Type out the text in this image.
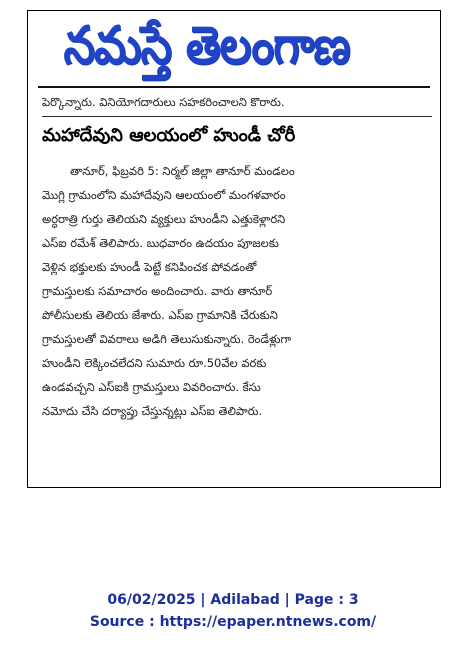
నమస్తే తెలంగాణ
పెర్కొన్నారు. వినియోగదారులు సహకరించాలని కొరారు.
మహాదేవుని ఆలయంలో హుండీ చోరీ
తానూర్, ఫిబ్రవరి 5: నిర్మల్ జిల్లా తానూర్ మండలం
మొగ్లి గ్రామంలోని మహాదేవుని ఆలయంలో మంగళవారం
అర్ధరాత్రి గుర్తు తెలియని వ్యక్తులు హుండీని ఎత్తుకెళ్లారని
ఎస్ఐ రమేశ్ తెలిపారు. బుధవారం ఉదయం పూజలకు
వెళ్లిన భక్తులకు హుండీ పెట్టే కనిపించక పోవడంతో
గ్రామస్తులకు సమాచారం అందించారు. వారు తానూర్
పోలీసులకు తెలియ జేశారు. ఎస్ఐ గ్రామానికి చేరుకుని
గ్రామస్తులతో వివరాలు అడిగి తెలుసుకున్నారు. రెండేళ్లుగా
హుండీని లెక్కించలేదని సుమారు రూ.50వేల వరకు
ఉండవచ్చని ఎస్ఐకి గ్రామస్తులు వివరించారు. కేసు
నమోదు చేసి దర్యాప్తు చేస్తున్నట్లు ఎస్ఐ తెలిపారు.
06/02/2025 | Adilabad | Page : 3
Source : https://epaper.ntnews.com/
